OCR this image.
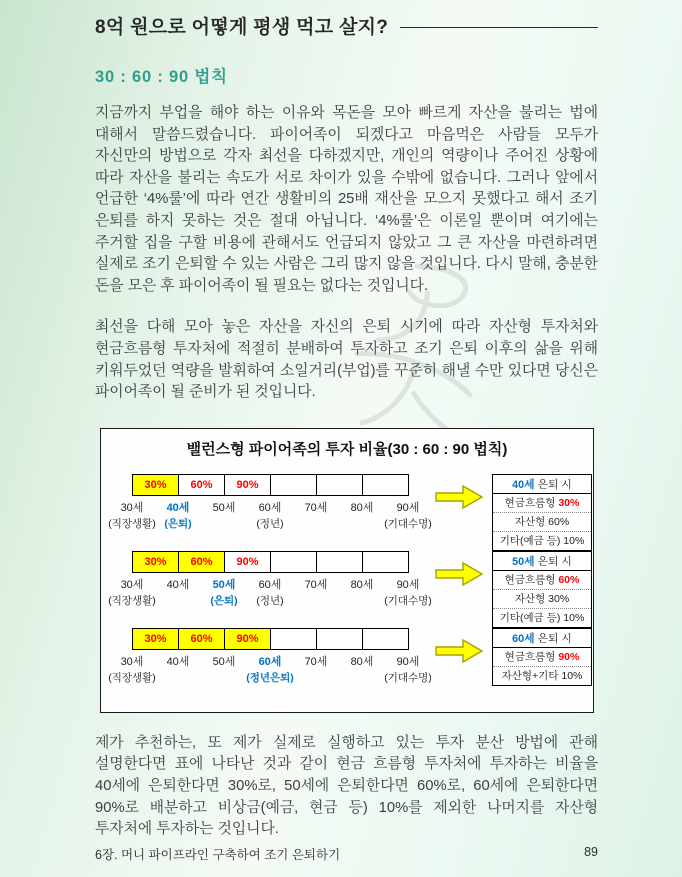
8억 원으로 어떻게 평생 먹고 살지?
30 : 60 : 90 법칙

지금까지 부업을 해야 하는 이유와 목돈을 모아 빠르게 자산을 불리는 법에 대해서 말씀드렸습니다. 파이어족이 되겠다고 마음먹은 사람들 모두가 자신만의 방법으로 각자 최선을 다하겠지만, 개인의 역량이나 주어진 상황에 따라 자산을 불리는 속도가 서로 차이가 있을 수밖에 없습니다. 그러나 앞에서 언급한 ‘4%룰’에 따라 연간 생활비의 25배 재산을 모으지 못했다고 해서 조기 은퇴를 하지 못하는 것은 절대 아닙니다. ‘4%룰’은 이론일 뿐이며 여기에는 주거할 집을 구할 비용에 관해서도 언급되지 않았고 그 큰 자산을 마련하려면 실제로 조기 은퇴할 수 있는 사람은 그리 많지 않을 것입니다. 다시 말해, 충분한 돈을 모은 후 파이어족이 될 필요는 없다는 것입니다.

최선을 다해 모아 놓은 자산을 자신의 은퇴 시기에 따라 자산형 투자처와 현금흐름형 투자처에 적절히 분배하여 투자하고 조기 은퇴 이후의 삶을 위해 키워두었던 역량을 발휘하여 소일거리(부업)를 꾸준히 해낼 수만 있다면 당신은 파이어족이 될 준비가 된 것입니다.

밸런스형 파이어족의 투자 비율(30 : 60 : 90 법칙)
30%	60%	90%
30세	40세	50세	60세	70세	80세	90세
(직장생활) (은퇴)	(정년)	(기대수명)
40세 은퇴 시
현금흐름형 30%
자산형 60%
기타(예금 등) 10%
30%	60%	90%
30세	40세	50세	60세	70세	80세	90세
(직장생활)	(은퇴)	(정년)	(기대수명)
50세 은퇴 시
현금흐름형 60%
자산형 30%
기타(예금 등) 10%
30%	60%	90%
30세	40세	50세	60세	70세	80세	90세
(직장생활)	(정년은퇴)	(기대수명)
60세 은퇴 시
현금흐름형 90%
자산형+기타 10%

제가 추천하는, 또 제가 실제로 실행하고 있는 투자 분산 방법에 관해 설명한다면 표에 나타난 것과 같이 현금 흐름형 투자처에 투자하는 비율을 40세에 은퇴한다면 30%로, 50세에 은퇴한다면 60%로, 60세에 은퇴한다면 90%로 배분하고 비상금(예금, 현금 등) 10%를 제외한 나머지를 자산형 투자처에 투자하는 것입니다.

6장. 머니 파이프라인 구축하여 조기 은퇴하기	89
